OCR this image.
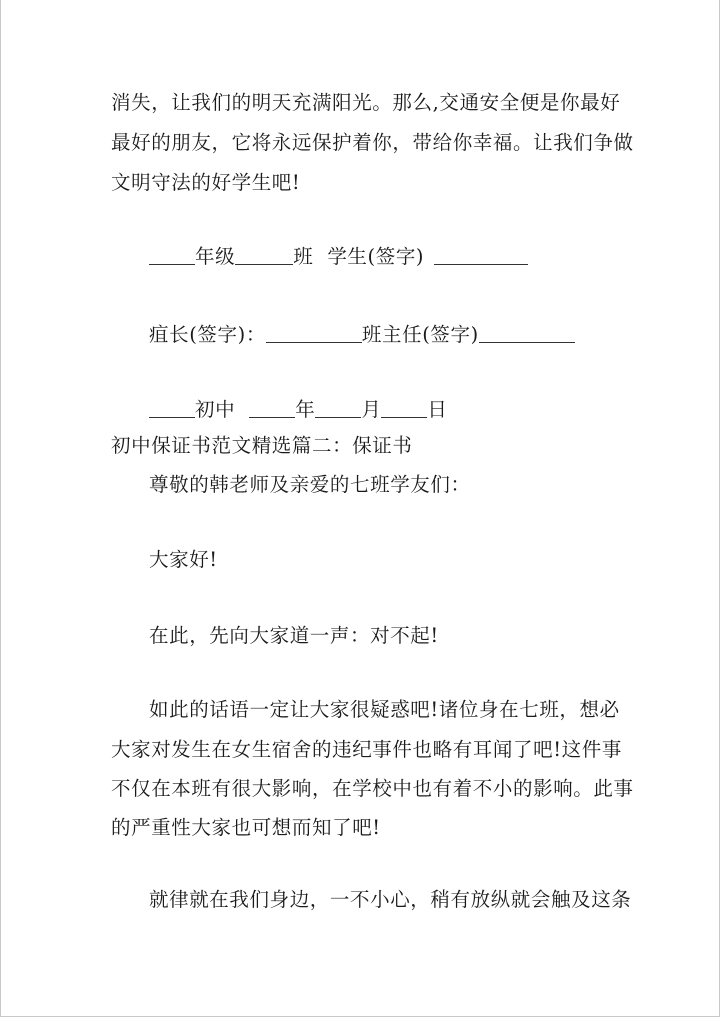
消失，让我们的明天充满阳光。那么,交通安全便是你最好
最好的朋友，它将永远保护着你，带给你幸福。让我们争做
文明守法的好学生吧!
年级	班 学生(签字)
疽长(签字)：	班主任(签字)
初中	年 月 日
初中保证书范文精选篇二：保证书
尊敬的韩老师及亲爱的七班学友们：
大家好!
在此，先向大家道一声：对不起!
如此的话语一定让大家很疑惑吧!诸位身在七班，想必
大家对发生在女生宿舍的违纪事件也略有耳闻了吧!这件事
不仅在本班有很大影响，在学校中也有着不小的影响。此事
的严重性大家也可想而知了吧!
就律就在我们身边，一不小心，稍有放纵就会触及这条
